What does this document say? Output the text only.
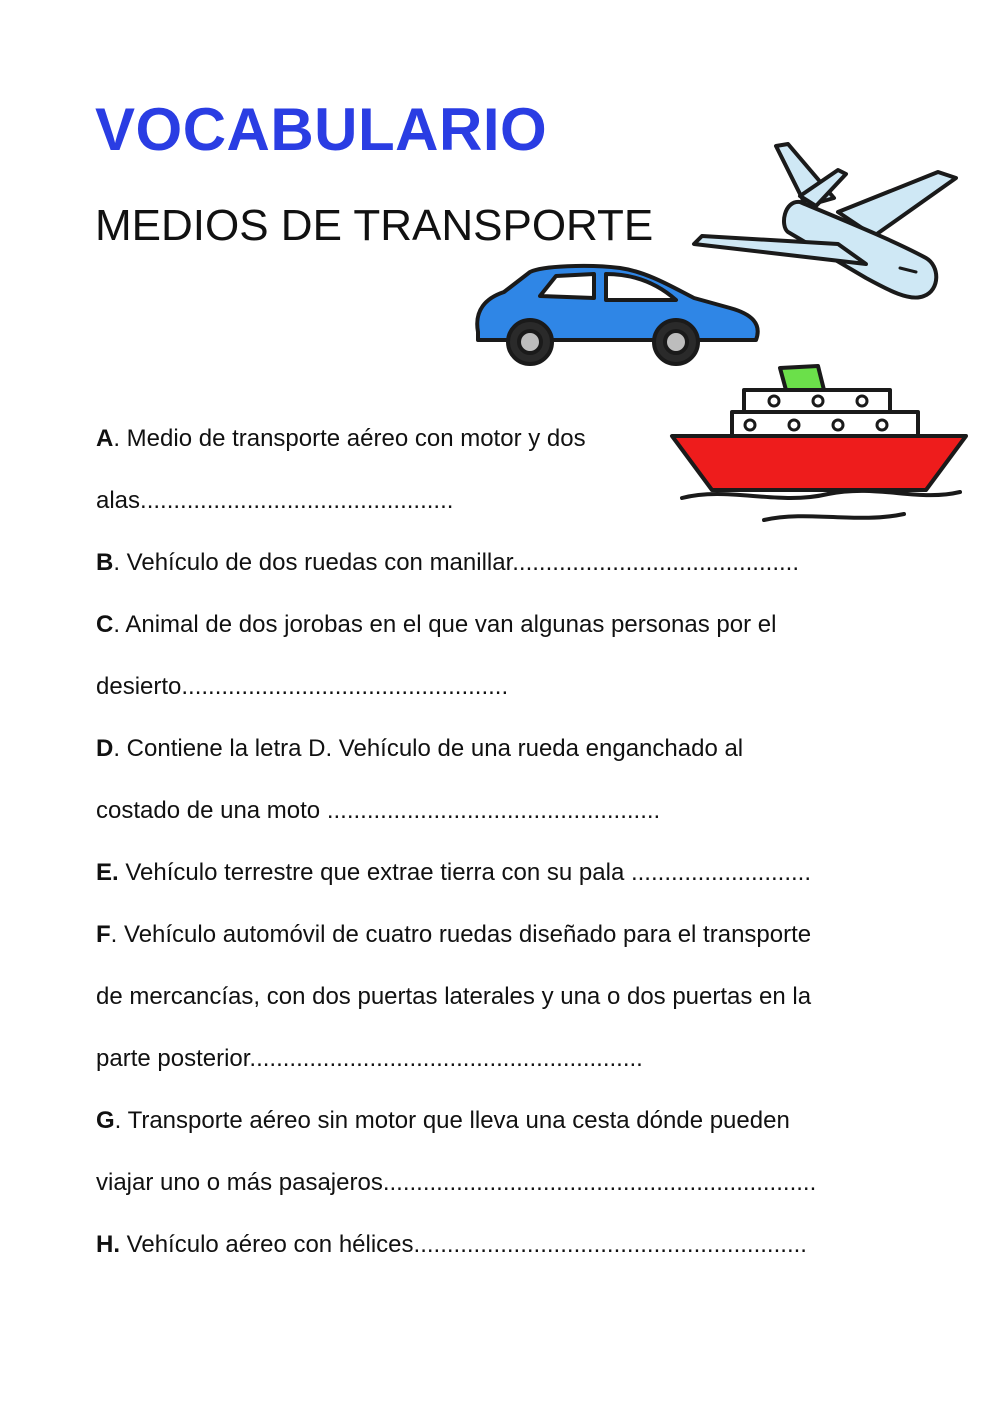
VOCABULARIO
MEDIOS DE TRANSPORTE

A. Medio de transporte aéreo con motor y dos

alas...............................................

B. Vehículo de dos ruedas con manillar...........................................

C. Animal de dos jorobas en el que van algunas personas por el

desierto.................................................

D. Contiene la letra D. Vehículo de una rueda enganchado al

costado de una moto ..................................................

E. Vehículo terrestre que extrae tierra con su pala ...........................

F. Vehículo automóvil de cuatro ruedas diseñado para el transporte

de mercancías, con dos puertas laterales y una o dos puertas en la

parte posterior...........................................................

G. Transporte aéreo sin motor que lleva una cesta dónde pueden

viajar uno o más pasajeros.................................................................

H. Vehículo aéreo con hélices...........................................................
